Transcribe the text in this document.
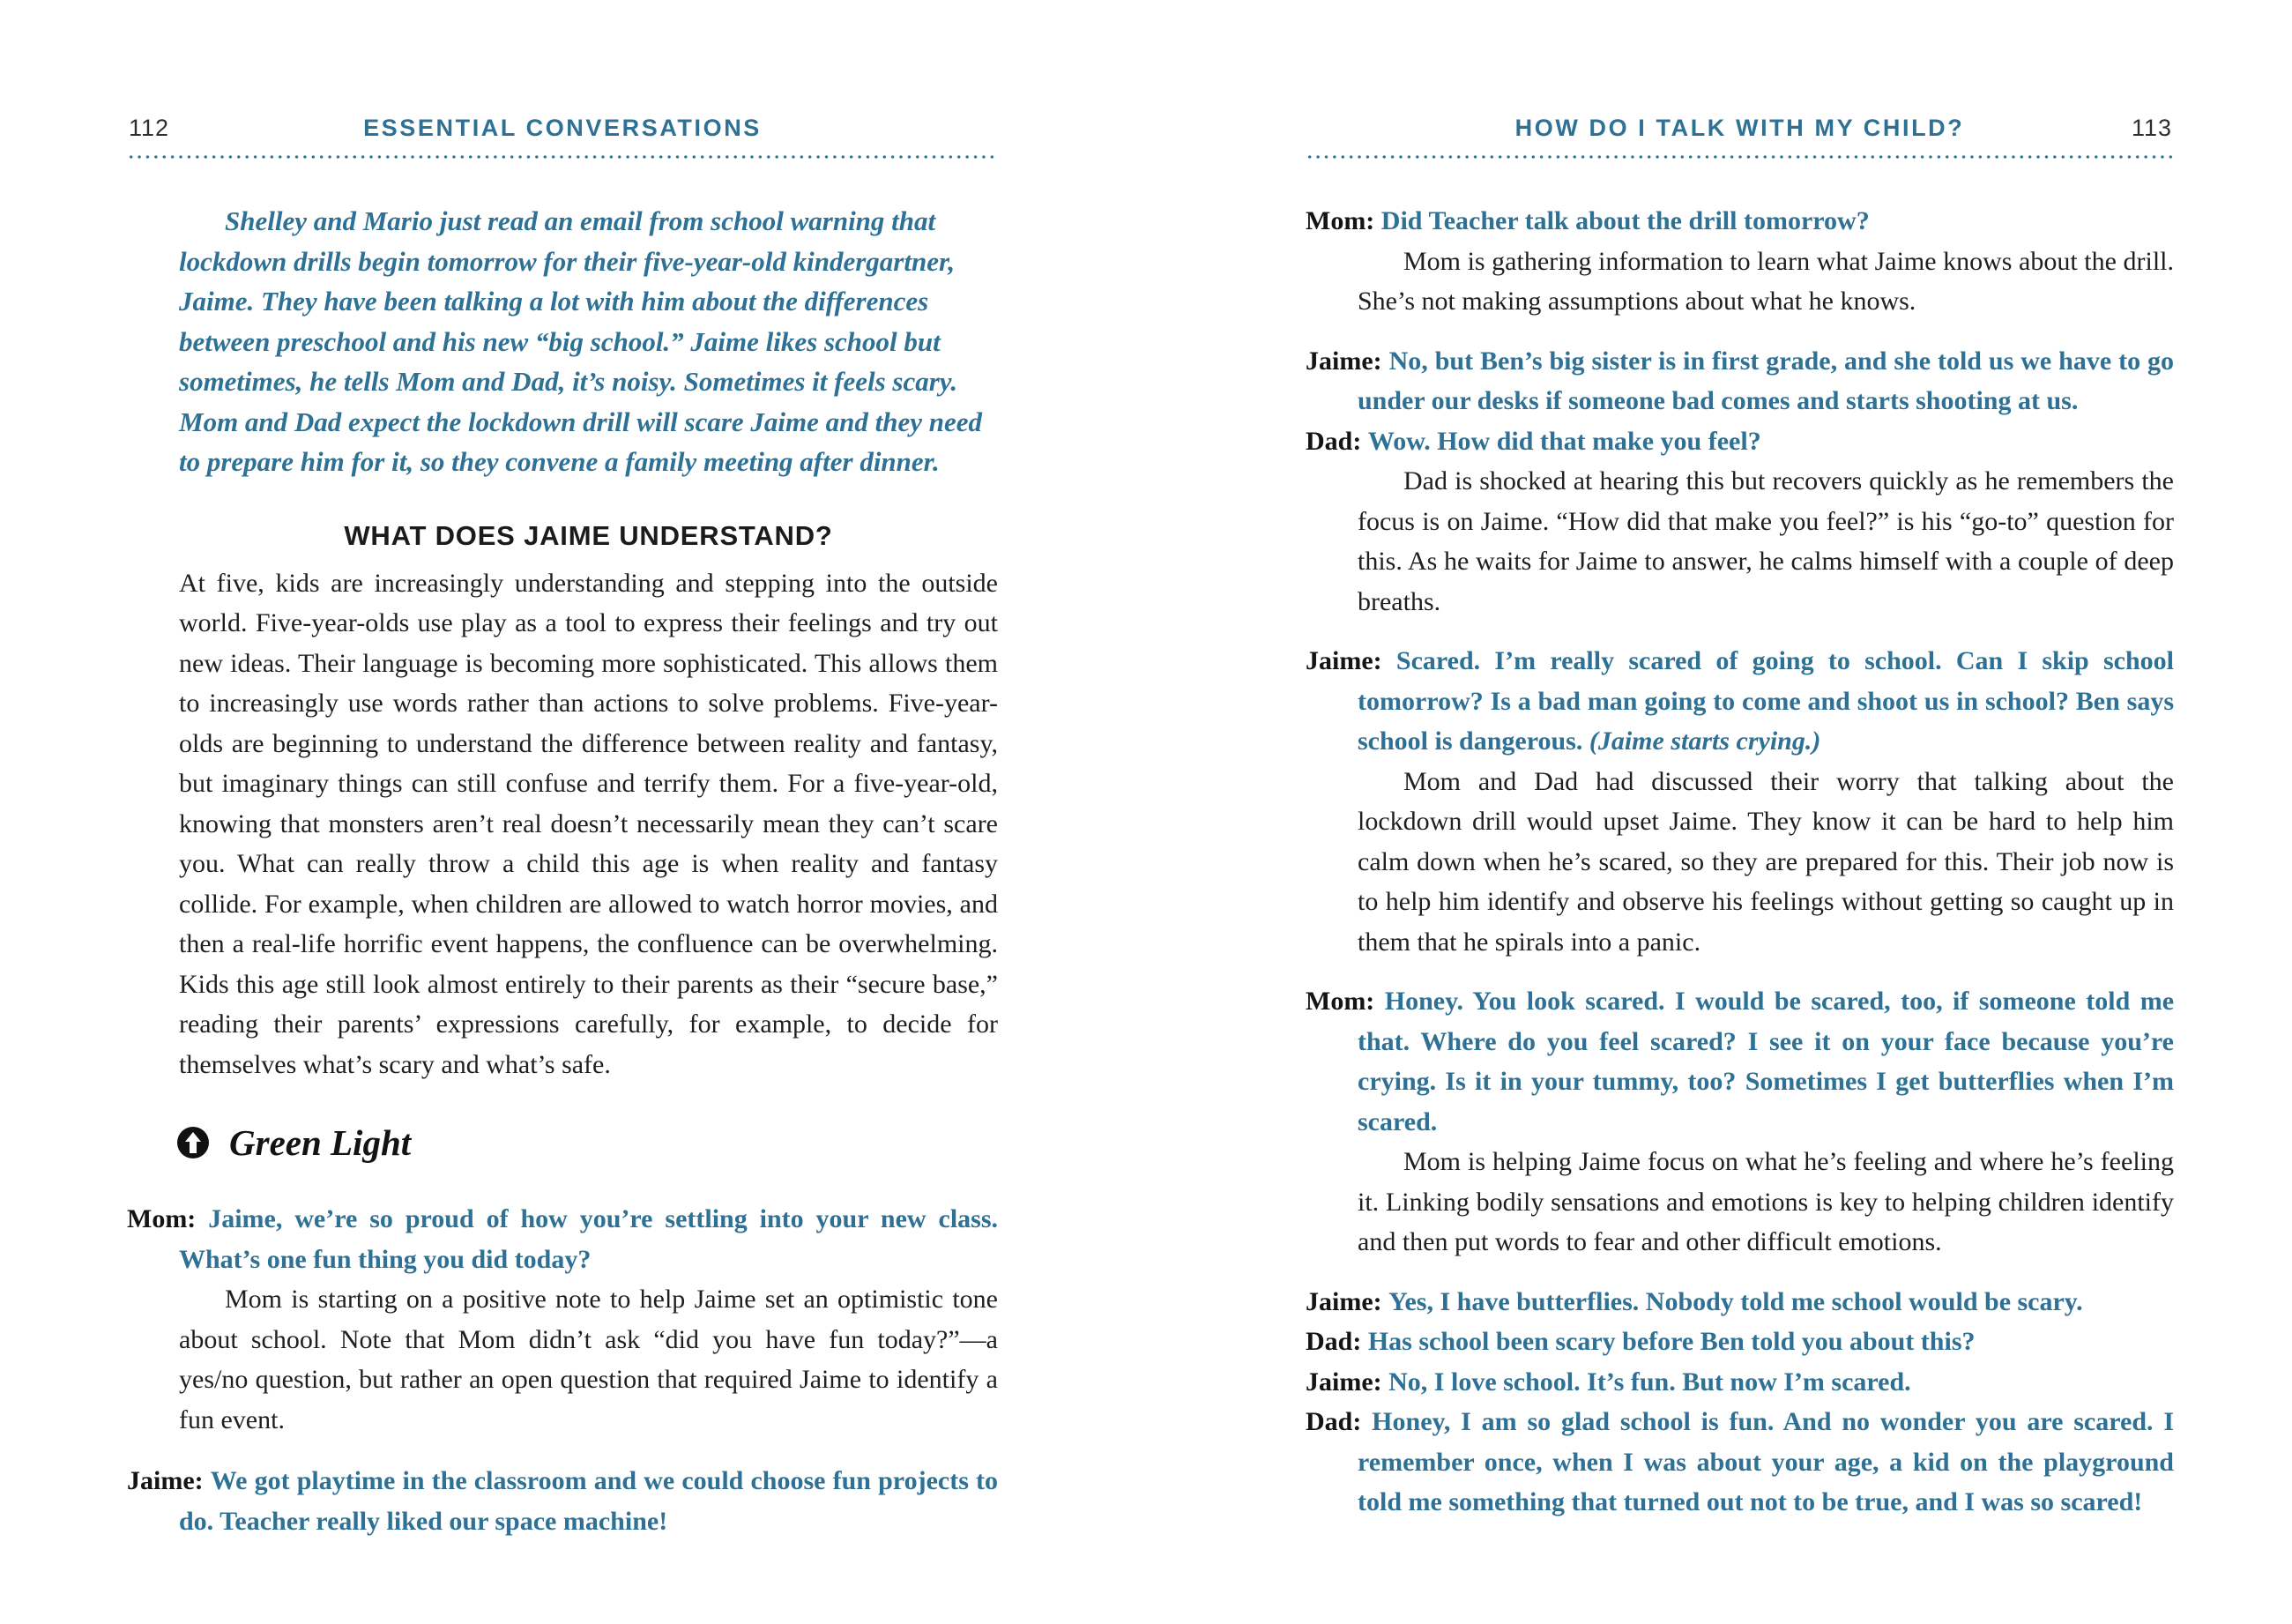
112	ESSENTIAL CONVERSATIONS

Shelley and Mario just read an email from school warning that lockdown drills begin tomorrow for their five-year-old kindergartner, Jaime. They have been talking a lot with him about the differences between preschool and his new “big school.” Jaime likes school but sometimes, he tells Mom and Dad, it’s noisy. Sometimes it feels scary. Mom and Dad expect the lockdown drill will scare Jaime and they need to prepare him for it, so they convene a family meeting after dinner.

WHAT DOES JAIME UNDERSTAND?

At five, kids are increasingly understanding and stepping into the outside world. Five-year-olds use play as a tool to express their feelings and try out new ideas. Their language is becoming more sophisticated. This allows them to increasingly use words rather than actions to solve problems. Five-year-olds are beginning to understand the difference between reality and fantasy, but imaginary things can still confuse and terrify them. For a five-year-old, knowing that monsters aren’t real doesn’t necessarily mean they can’t scare you. What can really throw a child this age is when reality and fantasy collide. For example, when children are allowed to watch horror movies, and then a real-life horrific event happens, the confluence can be overwhelming. Kids this age still look almost entirely to their parents as their “secure base,” reading their parents’ expressions carefully, for example, to decide for themselves what’s scary and what’s safe.

Green Light

Mom: Jaime, we’re so proud of how you’re settling into your new class. What’s one fun thing you did today?

Mom is starting on a positive note to help Jaime set an optimistic tone about school. Note that Mom didn’t ask “did you have fun today?”—a yes/no question, but rather an open question that required Jaime to identify a fun event.

Jaime: We got playtime in the classroom and we could choose fun projects to do. Teacher really liked our space machine!

HOW DO I TALK WITH MY CHILD?	113

Mom: Did Teacher talk about the drill tomorrow?

Mom is gathering information to learn what Jaime knows about the drill. She’s not making assumptions about what he knows.

Jaime: No, but Ben’s big sister is in first grade, and she told us we have to go under our desks if someone bad comes and starts shooting at us.

Dad: Wow. How did that make you feel?

Dad is shocked at hearing this but recovers quickly as he remembers the focus is on Jaime. “How did that make you feel?” is his “go-to” question for this. As he waits for Jaime to answer, he calms himself with a couple of deep breaths.

Jaime: Scared. I’m really scared of going to school. Can I skip school tomorrow? Is a bad man going to come and shoot us in school? Ben says school is dangerous. (Jaime starts crying.)

Mom and Dad had discussed their worry that talking about the lockdown drill would upset Jaime. They know it can be hard to help him calm down when he’s scared, so they are prepared for this. Their job now is to help him identify and observe his feelings without getting so caught up in them that he spirals into a panic.

Mom: Honey. You look scared. I would be scared, too, if someone told me that. Where do you feel scared? I see it on your face because you’re crying. Is it in your tummy, too? Sometimes I get butterflies when I’m scared.

Mom is helping Jaime focus on what he’s feeling and where he’s feeling it. Linking bodily sensations and emotions is key to helping children identify and then put words to fear and other difficult emotions.

Jaime: Yes, I have butterflies. Nobody told me school would be scary.

Dad: Has school been scary before Ben told you about this?

Jaime: No, I love school. It’s fun. But now I’m scared.

Dad: Honey, I am so glad school is fun. And no wonder you are scared. I remember once, when I was about your age, a kid on the playground told me something that turned out not to be true, and I was so scared!
